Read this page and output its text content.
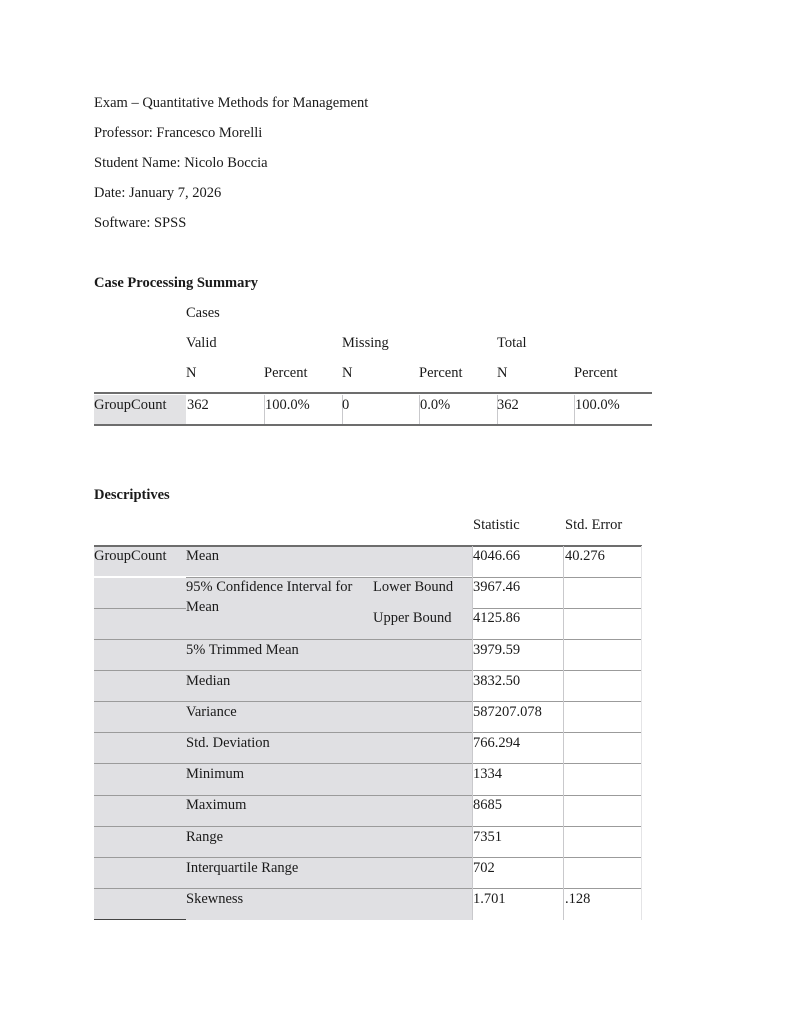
Exam – Quantitative Methods for Management
Professor: Francesco Morelli
Student Name: Nicolo Boccia
Date: January 7, 2026
Software: SPSS
Case Processing Summary
Cases
Valid	Missing	Total
N	Percent N	Percent N	Percent
GroupCount 362	100.0% 0	0.0%	362	100.0%
Descriptives
Statistic	Std. Error
GroupCount Mean	4046.66	40.276
95% Confidence Interval for
Mean
Lower Bound 3967.46
Upper Bound 4125.86
5% Trimmed Mean	3979.59
Median	3832.50
Variance	587207.078
Std. Deviation	766.294
Minimum	1334
Maximum	8685
Range	7351
Interquartile Range	702
Skewness	1.701	.128
